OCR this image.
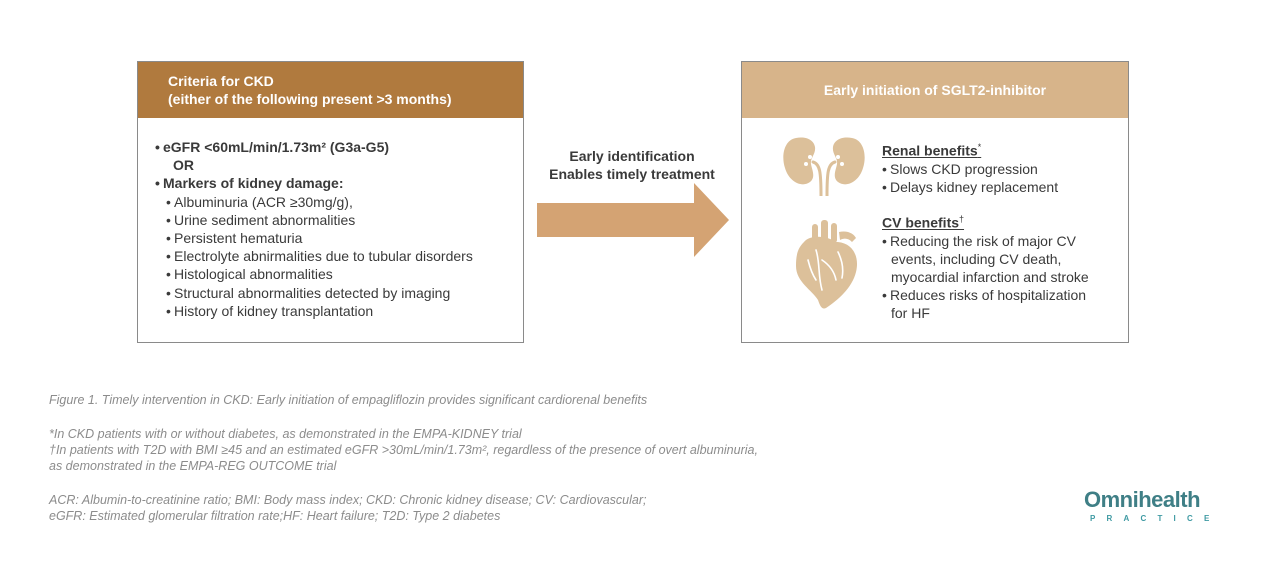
Criteria for CKD
(either of the following present >3 months)
• eGFR <60mL/min/1.73m² (G3a-G5)
OR
• Markers of kidney damage:
• Albuminuria (ACR ≥30mg/g),
• Urine sediment abnormalities
• Persistent hematuria
• Electrolyte abnirmalities due to tubular disorders
• Histological abnormalities
• Structural abnormalities detected by imaging
• History of kidney transplantation
Early identification
Enables timely treatment
Early initiation of SGLT2-inhibitor
Renal benefits*
• Slows CKD progression
• Delays kidney replacement
CV benefits†
• Reducing the risk of major CV
events, including CV death,
myocardial infarction and stroke
• Reduces risks of hospitalization
for HF
Figure 1. Timely intervention in CKD: Early initiation of empagliflozin provides significant cardiorenal benefits
*In CKD patients with or without diabetes, as demonstrated in the EMPA-KIDNEY trial
†In patients with T2D with BMI ≥45 and an estimated eGFR >30mL/min/1.73m², regardless of the presence of overt albuminuria,
as demonstrated in the EMPA-REG OUTCOME trial
ACR: Albumin-to-creatinine ratio; BMI: Body mass index; CKD: Chronic kidney disease; CV: Cardiovascular;
eGFR: Estimated glomerular filtration rate;HF: Heart failure; T2D: Type 2 diabetes
Omnihealth
PRACTICE
